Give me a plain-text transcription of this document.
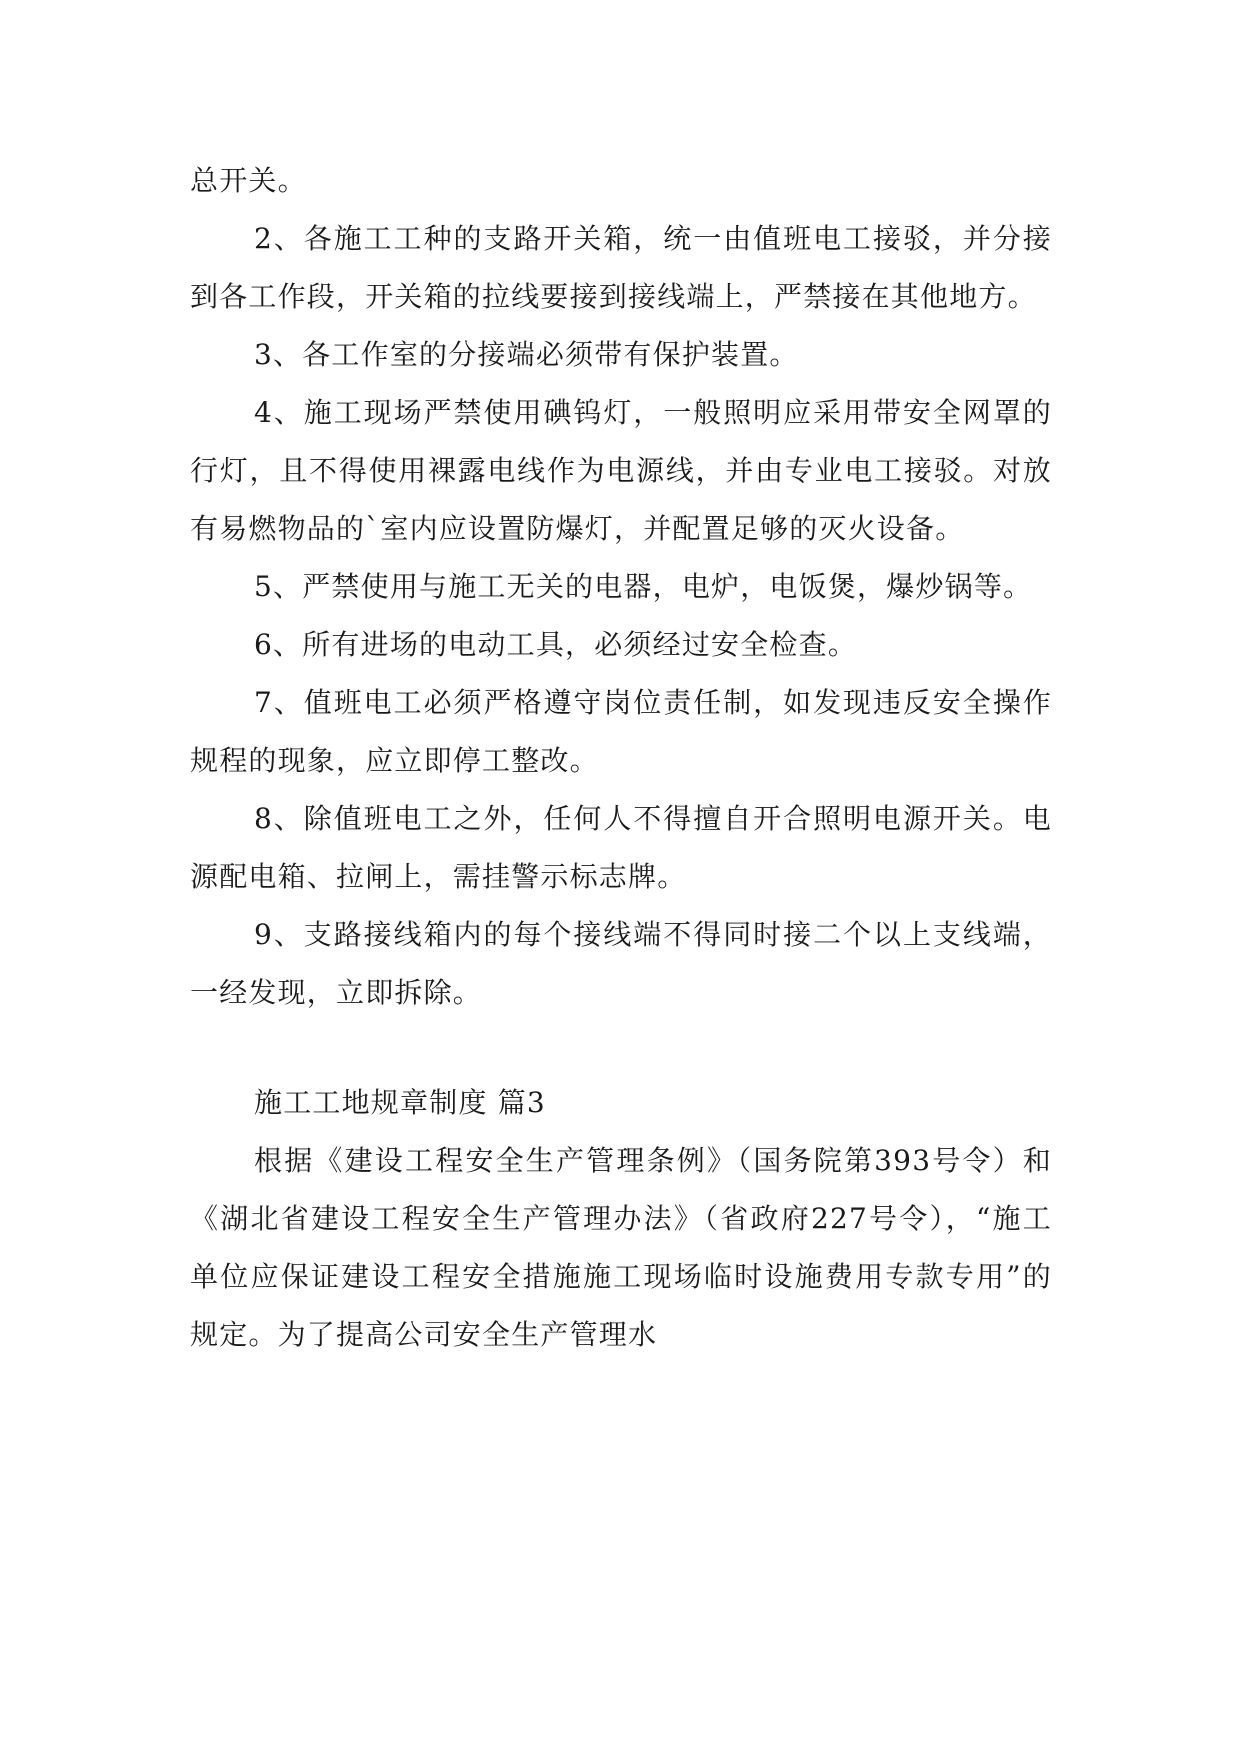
总开关。

2、各施工工种的支路开关箱，统一由值班电工接驳，并分接到各工作段，开关箱的拉线要接到接线端上，严禁接在其他地方。

3、各工作室的分接端必须带有保护装置。

4、施工现场严禁使用碘钨灯，一般照明应采用带安全网罩的行灯，且不得使用裸露电线作为电源线，并由专业电工接驳。对放有易燃物品的`室内应设置防爆灯，并配置足够的灭火设备。

5、严禁使用与施工无关的电器，电炉，电饭煲，爆炒锅等。

6、所有进场的电动工具，必须经过安全检查。

7、值班电工必须严格遵守岗位责任制，如发现违反安全操作规程的现象，应立即停工整改。

8、除值班电工之外，任何人不得擅自开合照明电源开关。电源配电箱、拉闸上，需挂警示标志牌。

9、支路接线箱内的每个接线端不得同时接二个以上支线端，一经发现，立即拆除。

施工工地规章制度 篇3

根据《建设工程安全生产管理条例》（国务院第393号令）和《湖北省建设工程安全生产管理办法》（省政府227号令），“施工单位应保证建设工程安全措施施工现场临时设施费用专款专用”的规定。为了提高公司安全生产管理水
